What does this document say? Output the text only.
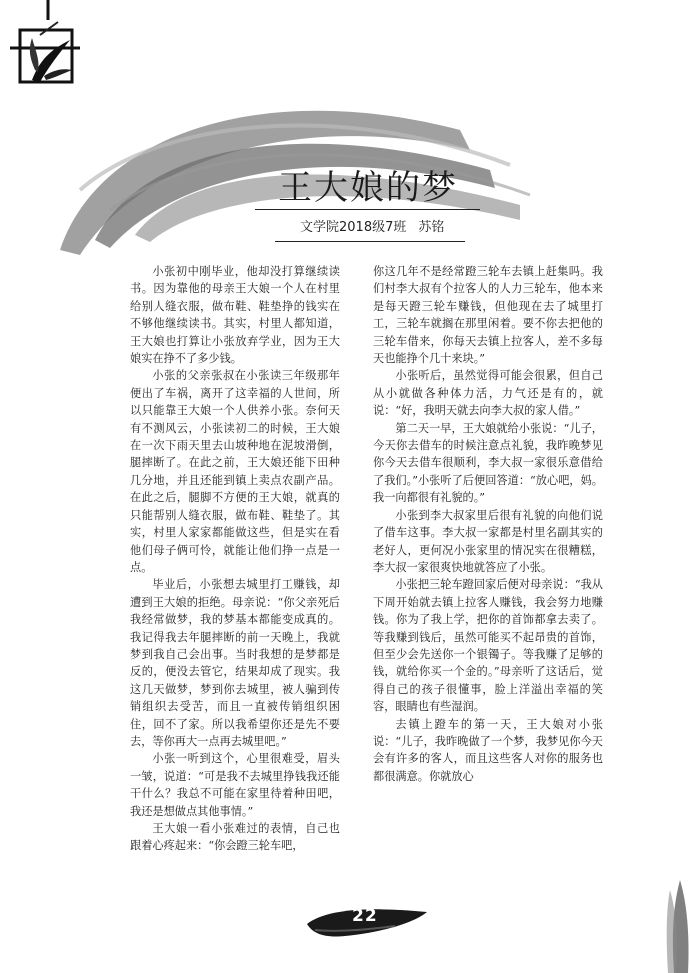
王大娘的梦
文学院2018级7班 苏铭

小张初中刚毕业，他却没打算继续读书。因为靠他的母亲王大娘一个人在村里给别人缝衣服，做布鞋、鞋垫挣的钱实在不够他继续读书。其实，村里人都知道，王大娘也打算让小张放弃学业，因为王大娘实在挣不了多少钱。

小张的父亲张叔在小张读三年级那年便出了车祸，离开了这幸福的人世间，所以只能靠王大娘一个人供养小张。奈何天有不测风云，小张读初二的时候，王大娘在一次下雨天里去山坡种地在泥坡滑倒，腿摔断了。在此之前，王大娘还能下田种几分地，并且还能到镇上卖点农副产品。在此之后，腿脚不方便的王大娘，就真的只能帮别人缝衣服，做布鞋、鞋垫了。其实，村里人家家都能做这些，但是实在看他们母子俩可怜，就能让他们挣一点是一点。

毕业后，小张想去城里打工赚钱，却遭到王大娘的拒绝。母亲说：“你父亲死后我经常做梦，我的梦基本都能变成真的。我记得我去年腿摔断的前一天晚上，我就梦到我自己会出事。当时我想的是梦都是反的，便没去管它，结果却成了现实。我这几天做梦，梦到你去城里，被人骗到传销组织去受苦，而且一直被传销组织困住，回不了家。所以我希望你还是先不要去，等你再大一点再去城里吧。”

小张一听到这个，心里很难受，眉头一皱，说道：“可是我不去城里挣钱我还能干什么？我总不可能在家里待着种田吧，我还是想做点其他事情。”

王大娘一看小张难过的表情，自己也跟着心疼起来：“你会蹬三轮车吧，

你这几年不是经常蹬三轮车去镇上赶集吗。我们村李大叔有个拉客人的人力三轮车，他本来是每天蹬三轮车赚钱，但他现在去了城里打工，三轮车就搁在那里闲着。要不你去把他的三轮车借来，你每天去镇上拉客人，差不多每天也能挣个几十来块。”

小张听后，虽然觉得可能会很累，但自己从小就做各种体力活，力气还是有的，就说：“好，我明天就去向李大叔的家人借。”

第二天一早，王大娘就给小张说：“儿子，今天你去借车的时候注意点礼貌，我昨晚梦见你今天去借车很顺利，李大叔一家很乐意借给了我们。”小张听了后便回答道：“放心吧，妈。我一向都很有礼貌的。”

小张到李大叔家里后很有礼貌的向他们说了借车这事。李大叔一家都是村里名副其实的老好人，更何况小张家里的情况实在很糟糕，李大叔一家很爽快地就答应了小张。

小张把三轮车蹬回家后便对母亲说：“我从下周开始就去镇上拉客人赚钱，我会努力地赚钱。你为了我上学，把你的首饰都拿去卖了。等我赚到钱后，虽然可能买不起昂贵的首饰，但至少会先送你一个银镯子。等我赚了足够的钱，就给你买一个金的。”母亲听了这话后，觉得自己的孩子很懂事，脸上洋溢出幸福的笑容，眼睛也有些湿润。

去镇上蹬车的第一天，王大娘对小张说：“儿子，我昨晚做了一个梦，我梦见你今天会有许多的客人，而且这些客人对你的服务也都很满意。你就放心

22
